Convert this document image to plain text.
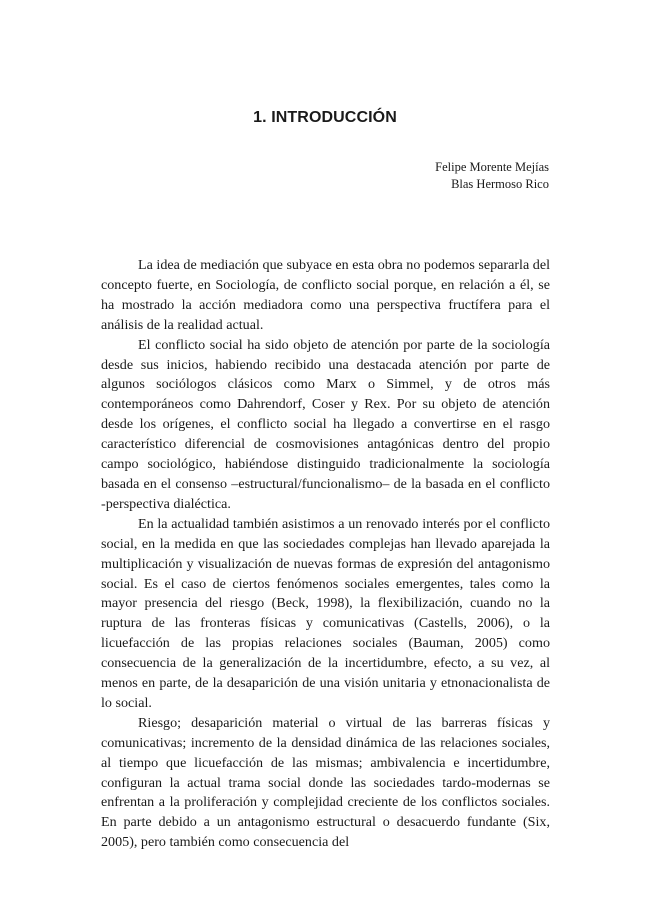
1. INTRODUCCIÓN
Felipe Morente Mejías
Blas Hermoso Rico

La idea de mediación que subyace en esta obra no podemos separarla del concepto fuerte, en Sociología, de conflicto social porque, en relación a él, se ha mostrado la acción mediadora como una perspectiva fructífera para el análisis de la realidad actual.

El conflicto social ha sido objeto de atención por parte de la sociología desde sus inicios, habiendo recibido una destacada atención por parte de algunos sociólogos clásicos como Marx o Simmel, y de otros más contemporáneos como Dahrendorf, Coser y Rex. Por su objeto de atención desde los orígenes, el conflicto social ha llegado a convertirse en el rasgo característico diferencial de cosmovisiones antagónicas dentro del propio campo sociológico, habiéndose distinguido tradicionalmente la sociología basada en el consenso –estructural/funcionalismo– de la basada en el conflicto -perspectiva dialéctica.

En la actualidad también asistimos a un renovado interés por el conflicto social, en la medida en que las sociedades complejas han llevado aparejada la multiplicación y visualización de nuevas formas de expresión del antagonismo social. Es el caso de ciertos fenómenos sociales emergentes, tales como la mayor presencia del riesgo (Beck, 1998), la flexibilización, cuando no la ruptura de las fronteras físicas y comunicativas (Castells, 2006), o la licuefacción de las propias relaciones sociales (Bauman, 2005) como consecuencia de la generalización de la incertidumbre, efecto, a su vez, al menos en parte, de la desaparición de una visión unitaria y etnonacionalista de lo social.

Riesgo; desaparición material o virtual de las barreras físicas y comunicativas; incremento de la densidad dinámica de las relaciones sociales, al tiempo que licuefacción de las mismas; ambivalencia e incertidumbre, configuran la actual trama social donde las sociedades tardo-modernas se enfrentan a la proliferación y complejidad creciente de los conflictos sociales. En parte debido a un antagonismo estructural o desacuerdo fundante (Six, 2005), pero también como consecuencia del
